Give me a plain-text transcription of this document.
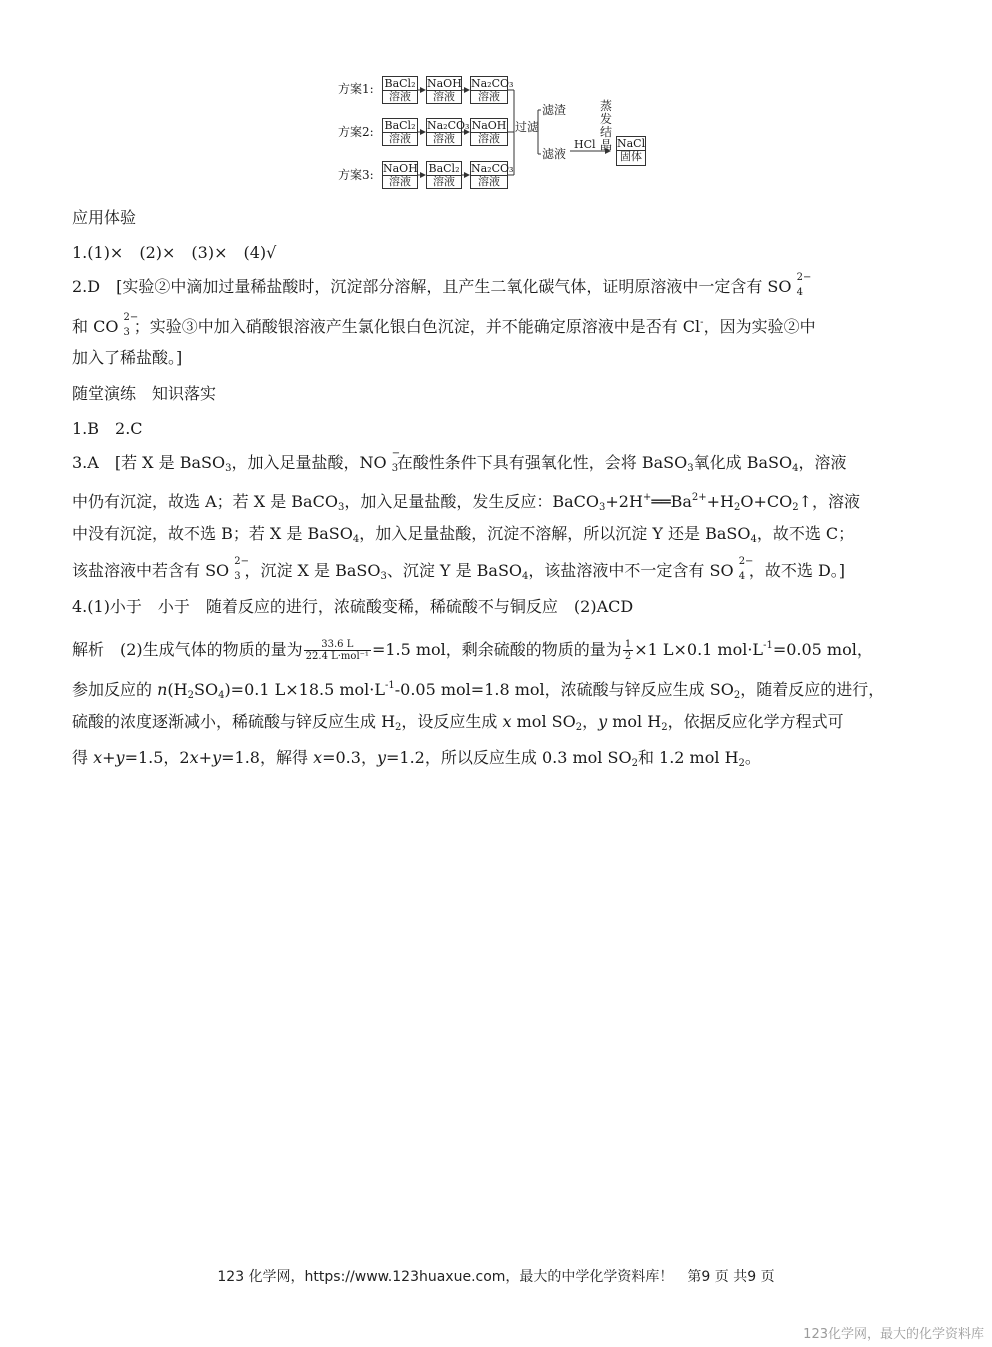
方案1: BaCl₂
溶液
NaOH
溶液
Na₂CO₃
溶液
方案2: BaCl₂
溶液
Na₂CO₃
溶液
NaOH
溶液
方案3: NaOH
溶液
BaCl₂
溶液
Na₂CO₃
溶液
过滤
滤渣
滤液
HCl
蒸发结晶 NaCl
固体
应用体验
1.(1)×　(2)×　(3)×　(4)√
2.D　[实验②中滴加过量稀盐酸时，沉淀部分溶解，且产生二氧化碳气体，证明原溶液中一定含有 SO 2−
4
和 CO 2−
3 ；实验③中加入硝酸银溶液产生氯化银白色沉淀，并不能确定原溶液中是否有 Cl-，因为实验②中
加入了稀盐酸。]
随堂演练　知识落实
1.B　2.C
3.A　[若 X 是 BaSO$_3$，加入足量盐酸，NO −
3
在酸性条件下具有强氧化性，会将 BaSO$_3$氧化成 BaSO$_4$，溶液
中仍有沉淀，故选 A；若 X 是 BaCO$_3$，加入足量盐酸，发生反应：$BaCO_3+2H^+══Ba^{2+}+H_2O+CO_2↑$，溶液
中没有沉淀，故不选 B；若 X 是 BaSO$_4$，加入足量盐酸，沉淀不溶解，所以沉淀 Y 还是 BaSO$_4$，故不选 C；
该盐溶液中若含有 SO 2−
3 ，沉淀 X 是 BaSO$_3$、沉淀 Y 是 BaSO$_4$，该盐溶液中不一定含有 SO 2−
4 ，故不选 D。]
4.(1)小于　小于　随着反应的进行，浓硫酸变稀，稀硫酸不与铜反应　(2)ACD
解析　(2)生成气体的物质的量为 $\frac{33.6 L}{\text{22.4 L·mol⁻¹}} =1.5$ mol，剩余硫酸的物质的量为 $\frac{1}{2} \times 1$ L×0.1 $mol\cdot L^{-1}=0.05$ mol，
参加反应的 $n(H_2SO_4)=0.1$ L×18.5 $mol\cdot L^{-1}-0.05$ mol=1.8 mol，浓硫酸与锌反应生成 $SO_2$，随着反应的进行，
硫酸的浓度逐渐减小，稀硫酸与锌反应生成 $H_2$，设反应生成 x mol $SO_2$，y mol $H_2$，依据反应化学方程式可
得 x+y=1.5，2x+y=1.8，解得 x=0.3，y=1.2，所以反应生成 0.3 mol $SO_2$和 1.2 mol $H_2$。
123 化学网，https://www.123huaxue.com，最大的中学化学资料库！　第9 页 共9 页
123化学网，最大的化学资料库
